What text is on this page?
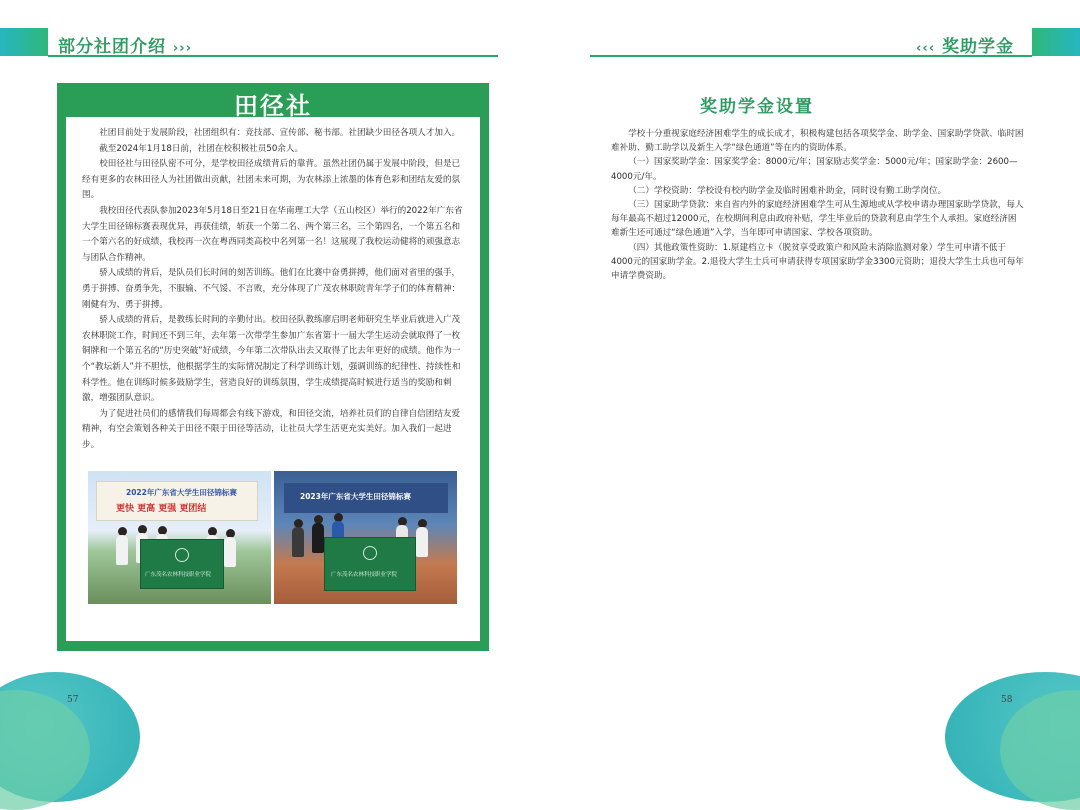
部分社团介绍 ›››	‹‹‹ 奖助学金
田径社

社团目前处于发展阶段，社团组织有：竞技部、宣传部、秘书部。社团缺少田径各项人才加入。

截至2024年1月18日前，社团在校积极社员50余人。

校田径社与田径队密不可分，是学校田径成绩背后的靠背。虽然社团仍属于发展中阶段，但是已经有更多的农林田径人为社团做出贡献，社团未来可期，为农林添上浓墨的体育色彩和团结友爱的氛围。

我校田径代表队参加2023年5月18日至21日在华南理工大学（五山校区）举行的2022年广东省大学生田径锦标赛表现优异，再获佳绩，斩获一个第二名、两个第三名，三个第四名，一个第五名和一个第六名的好成绩，我校再一次在粤西同类高校中名列第一名！这展现了我校运动健将的顽强意志与团队合作精神。

骄人成绩的背后，是队员们长时间的刻苦训练。他们在比赛中奋勇拼搏，他们面对省里的强手，勇于拼搏、奋勇争先，不服输、不气馁、不言败，充分体现了广茂农林职院青年学子们的体育精神：刚健有为、勇于拼搏。

骄人成绩的背后，是教练长时间的辛勤付出。校田径队教练廖启明老师研究生毕业后就进入广茂农林职院工作，时间还不到三年，去年第一次带学生参加广东省第十一届大学生运动会就取得了一枚铜牌和一个第五名的“历史突破”好成绩，今年第二次带队出去又取得了比去年更好的成绩。他作为一个“教坛新人”并不胆怯，他根据学生的实际情况制定了科学训练计划，强调训练的纪律性、持续性和科学性。他在训练时候多鼓励学生，营造良好的训练氛围，学生成绩提高时候进行适当的奖励和刺激，增强团队意识。

为了促进社员们的感情我们每周都会有线下游戏，和田径交流，培养社员们的自律自信团结友爱精神，有空会策划各种关于田径不限于田径等活动，让社员大学生活更充实美好。加入我们一起进步。

2022年广东省大学生田径锦标赛
更快 更高 更强 更团结
广东茂名农林科技职业学院
2023年广东省大学生田径锦标赛
广东茂名农林科技职业学院
奖助学金设置

学校十分重视家庭经济困难学生的成长成才，积极构建包括各项奖学金、助学金、国家助学贷款、临时困难补助、勤工助学以及新生入学“绿色通道”等在内的资助体系。

（一）国家奖助学金：国家奖学金：8000元/年；国家励志奖学金：5000元/年；国家助学金：2600—4000元/年。

（二）学校资助：学校设有校内助学金及临时困难补助金，同时设有勤工助学岗位。

（三）国家助学贷款：来自省内外的家庭经济困难学生可从生源地或从学校申请办理国家助学贷款，每人每年最高不超过12000元，在校期间利息由政府补贴，学生毕业后的贷款利息由学生个人承担。家庭经济困难新生还可通过“绿色通道”入学，当年即可申请国家、学校各项资助。

（四）其他政策性资助：1.原建档立卡（脱贫享受政策户和风险未消除监测对象）学生可申请不低于4000元的国家助学金。2.退役大学生士兵可申请获得专项国家助学金3300元资助；退役大学生士兵也可每年申请学费资助。

57	58
